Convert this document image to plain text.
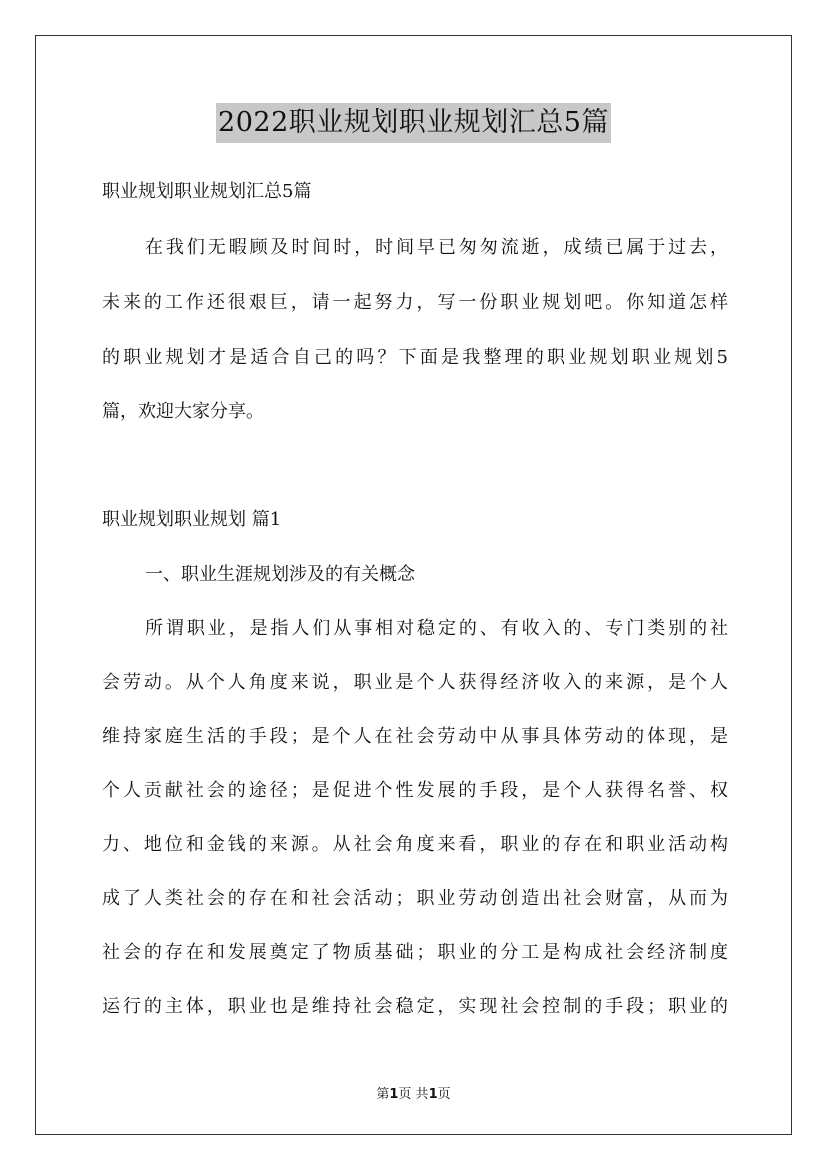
2022职业规划职业规划汇总5篇
职业规划职业规划汇总5篇
在我们无暇顾及时间时，时间早已匆匆流逝，成绩已属于过去，
未来的工作还很艰巨，请一起努力，写一份职业规划吧。你知道怎样
的职业规划才是适合自己的吗？下面是我整理的职业规划职业规划5
篇，欢迎大家分享。
职业规划职业规划 篇1
一、职业生涯规划涉及的有关概念
所谓职业，是指人们从事相对稳定的、有收入的、专门类别的社
会劳动。从个人角度来说，职业是个人获得经济收入的来源，是个人
维持家庭生活的手段；是个人在社会劳动中从事具体劳动的体现，是
个人贡献社会的途径；是促进个性发展的手段，是个人获得名誉、权
力、地位和金钱的来源。从社会角度来看，职业的存在和职业活动构
成了人类社会的存在和社会活动；职业劳动创造出社会财富，从而为
社会的存在和发展奠定了物质基础；职业的分工是构成社会经济制度
运行的主体，职业也是维持社会稳定，实现社会控制的手段；职业的
第1页 共1页
